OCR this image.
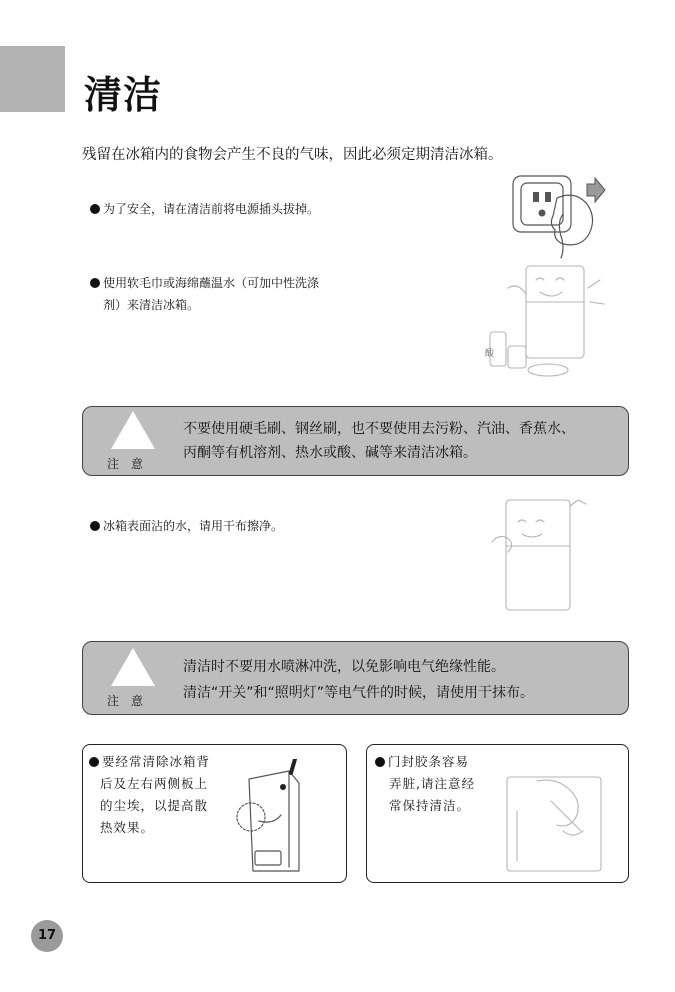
清洁
残留在冰箱内的食物会产生不良的气味，因此必须定期清洁冰箱。
为了安全，请在清洁前将电源插头拔掉。
使用软毛巾或海绵蘸温水（可加中性洗涤
剂）来清洁冰箱。
酸
注　意
不要使用硬毛刷、钢丝刷，也不要使用去污粉、汽油、香蕉水、
丙酮等有机溶剂、热水或酸、碱等来清洁冰箱。
冰箱表面沾的水，请用干布擦净。
注　意
清洁时不要用水喷淋冲洗，以免影响电气绝缘性能。
清洁“开关”和“照明灯”等电气件的时候，请使用干抹布。
要经常清除冰箱背
后及左右两侧板上
的尘埃，以提高散
热效果。
门封胶条容易
弄脏,请注意经
常保持清洁。
17
